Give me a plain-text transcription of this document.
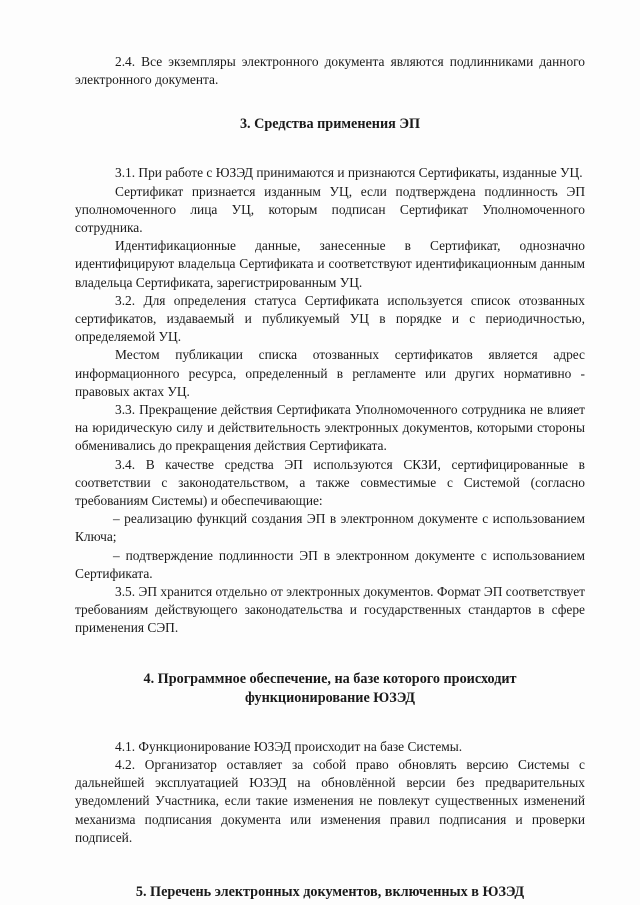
2.4. Все экземпляры электронного документа являются подлинниками данного электронного документа.

3. Средства применения ЭП

3.1. При работе с ЮЗЭД принимаются и признаются Сертификаты, изданные УЦ.

Сертификат признается изданным УЦ, если подтверждена подлинность ЭП уполномоченного лица УЦ, которым подписан Сертификат Уполномоченного сотрудника.

Идентификационные данные, занесенные в Сертификат, однозначно идентифицируют владельца Сертификата и соответствуют идентификационным данным владельца Сертификата, зарегистрированным УЦ.

3.2. Для определения статуса Сертификата используется список отозванных сертификатов, издаваемый и публикуемый УЦ в порядке и с периодичностью, определяемой УЦ.

Местом публикации списка отозванных сертификатов является адрес информационного ресурса, определенный в регламенте или других нормативно - правовых актах УЦ.

3.3. Прекращение действия Сертификата Уполномоченного сотрудника не влияет на юридическую силу и действительность электронных документов, которыми стороны обменивались до прекращения действия Сертификата.

3.4. В качестве средства ЭП используются СКЗИ, сертифицированные в соответствии с законодательством, а также совместимые с Системой (согласно требованиям Системы) и обеспечивающие:

– реализацию функций создания ЭП в электронном документе с использованием Ключа;

– подтверждение подлинности ЭП в электронном документе с использованием Сертификата.

3.5. ЭП хранится отдельно от электронных документов. Формат ЭП соответствует требованиям действующего законодательства и государственных стандартов в сфере применения СЭП.

4. Программное обеспечение, на базе которого происходит
функционирование ЮЗЭД

4.1. Функционирование ЮЗЭД происходит на базе Системы.

4.2. Организатор оставляет за собой право обновлять версию Системы с дальнейшей эксплуатацией ЮЗЭД на обновлённой версии без предварительных уведомлений Участника, если такие изменения не повлекут существенных изменений механизма подписания документа или изменения правил подписания и проверки подписей.

5. Перечень электронных документов, включенных в ЮЗЭД
